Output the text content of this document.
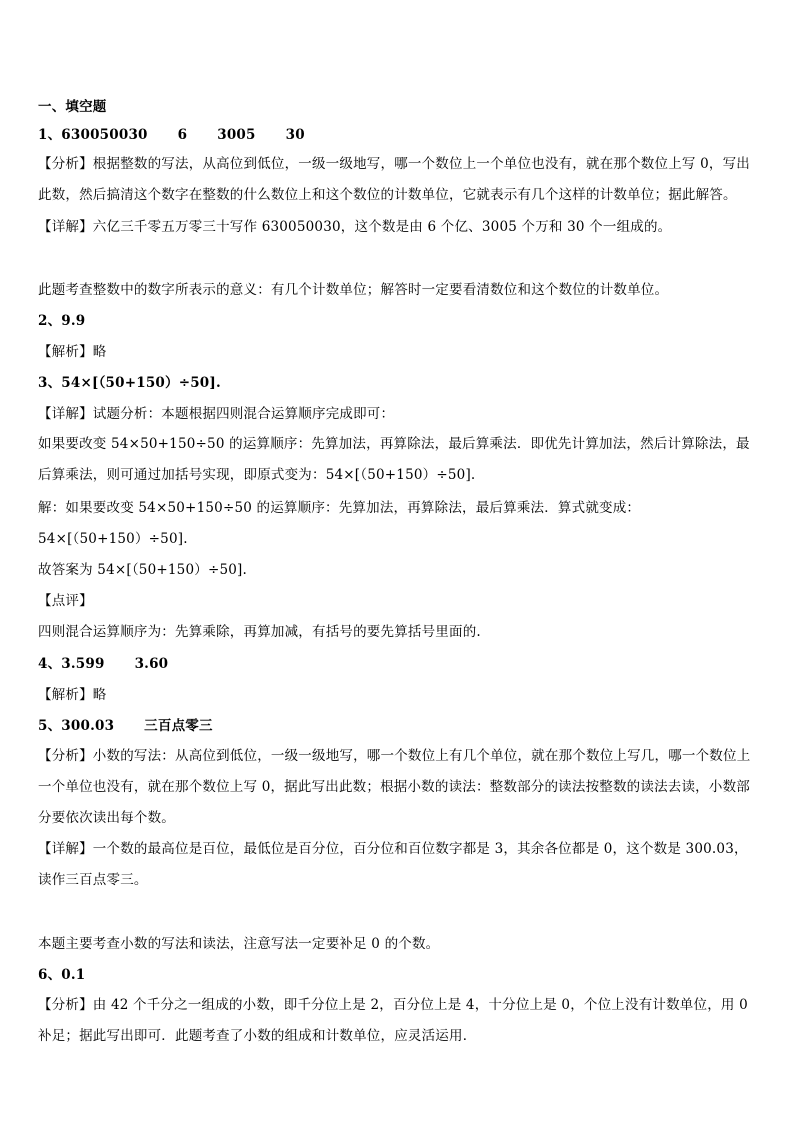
一、填空题
1、630050030 6 3005 30
【分析】根据整数的写法，从高位到低位，一级一级地写，哪一个数位上一个单位也没有，就在那个数位上写 0，写出此数，然后搞清这个数字在整数的什么数位上和这个数位的计数单位，它就表示有几个这样的计数单位；据此解答。
【详解】六亿三千零五万零三十写作 630050030，这个数是由 6 个亿、3005 个万和 30 个一组成的。
此题考查整数中的数字所表示的意义：有几个计数单位；解答时一定要看清数位和这个数位的计数单位。
2、9.9
【解析】略
3、54×[（50+150）÷50].
【详解】试题分析：本题根据四则混合运算顺序完成即可：
如果要改变 54×50+150÷50 的运算顺序：先算加法，再算除法，最后算乘法．即优先计算加法，然后计算除法，最后算乘法，则可通过加括号实现，即原式变为：54×[（50+150）÷50].
解：如果要改变 54×50+150÷50 的运算顺序：先算加法，再算除法，最后算乘法．算式就变成：
54×[（50+150）÷50].
故答案为 54×[（50+150）÷50].
【点评】
四则混合运算顺序为：先算乘除，再算加减，有括号的要先算括号里面的.
4、3.599 3.60
【解析】略
5、300.03 三百点零三
【分析】小数的写法：从高位到低位，一级一级地写，哪一个数位上有几个单位，就在那个数位上写几，哪一个数位上一个单位也没有，就在那个数位上写 0，据此写出此数；根据小数的读法：整数部分的读法按整数的读法去读，小数部分要依次读出每个数。
【详解】一个数的最高位是百位，最低位是百分位，百分位和百位数字都是 3，其余各位都是 0，这个数是 300.03，读作三百点零三。
本题主要考查小数的写法和读法，注意写法一定要补足 0 的个数。
6、0.1
【分析】由 42 个千分之一组成的小数，即千分位上是 2，百分位上是 4，十分位上是 0，个位上没有计数单位，用 0 补足；据此写出即可．此题考查了小数的组成和计数单位，应灵活运用．
